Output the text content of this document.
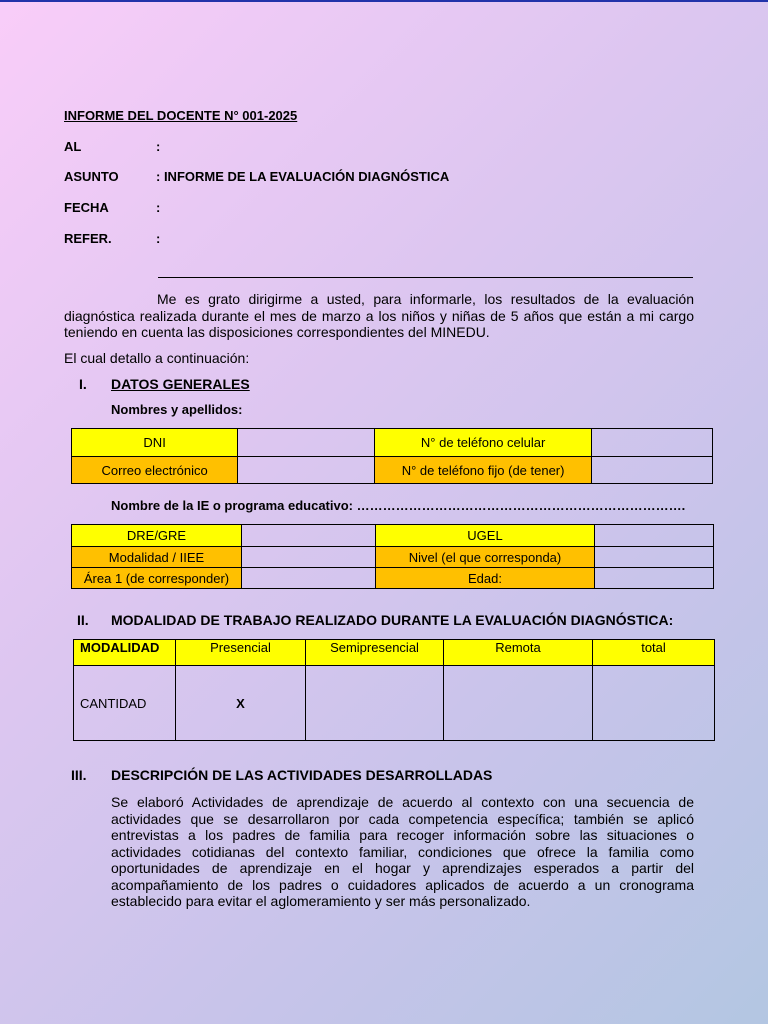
INFORME DEL DOCENTE N° 001-2025
AL	:
ASUNTO	: INFORME DE LA EVALUACIÓN DIAGNÓSTICA
FECHA	:
REFER.	:
Me es grato dirigirme a usted, para informarle, los resultados de la evaluación diagnóstica realizada durante el mes de marzo a los niños y niñas de 5 años que están a mi cargo teniendo en cuenta las disposiciones correspondientes del MINEDU.
El cual detallo a continuación:
I. DATOS GENERALES
Nombres y apellidos:
DNI		N° de teléfono celular	
Correo electrónico		N° de teléfono fijo (de tener)	
Nombre de la IE o programa educativo: ………………………………………………………………….
DRE/GRE		UGEL	
Modalidad / IIEE		Nivel (el que corresponda)	
Área 1 (de corresponder)		Edad:	
II. MODALIDAD DE TRABAJO REALIZADO DURANTE LA EVALUACIÓN DIAGNÓSTICA:
MODALIDAD	Presencial	Semipresencial	Remota	total
CANTIDAD	X			
III. DESCRIPCIÓN DE LAS ACTIVIDADES DESARROLLADAS
Se elaboró Actividades de aprendizaje de acuerdo al contexto con una secuencia de actividades que se desarrollaron por cada competencia específica; también se aplicó entrevistas a los padres de familia para recoger información sobre las situaciones o actividades cotidianas del contexto familiar, condiciones que ofrece la familia como oportunidades de aprendizaje en el hogar y aprendizajes esperados a partir del acompañamiento de los padres o cuidadores aplicados de acuerdo a un cronograma establecido para evitar el aglomeramiento y ser más personalizado.
